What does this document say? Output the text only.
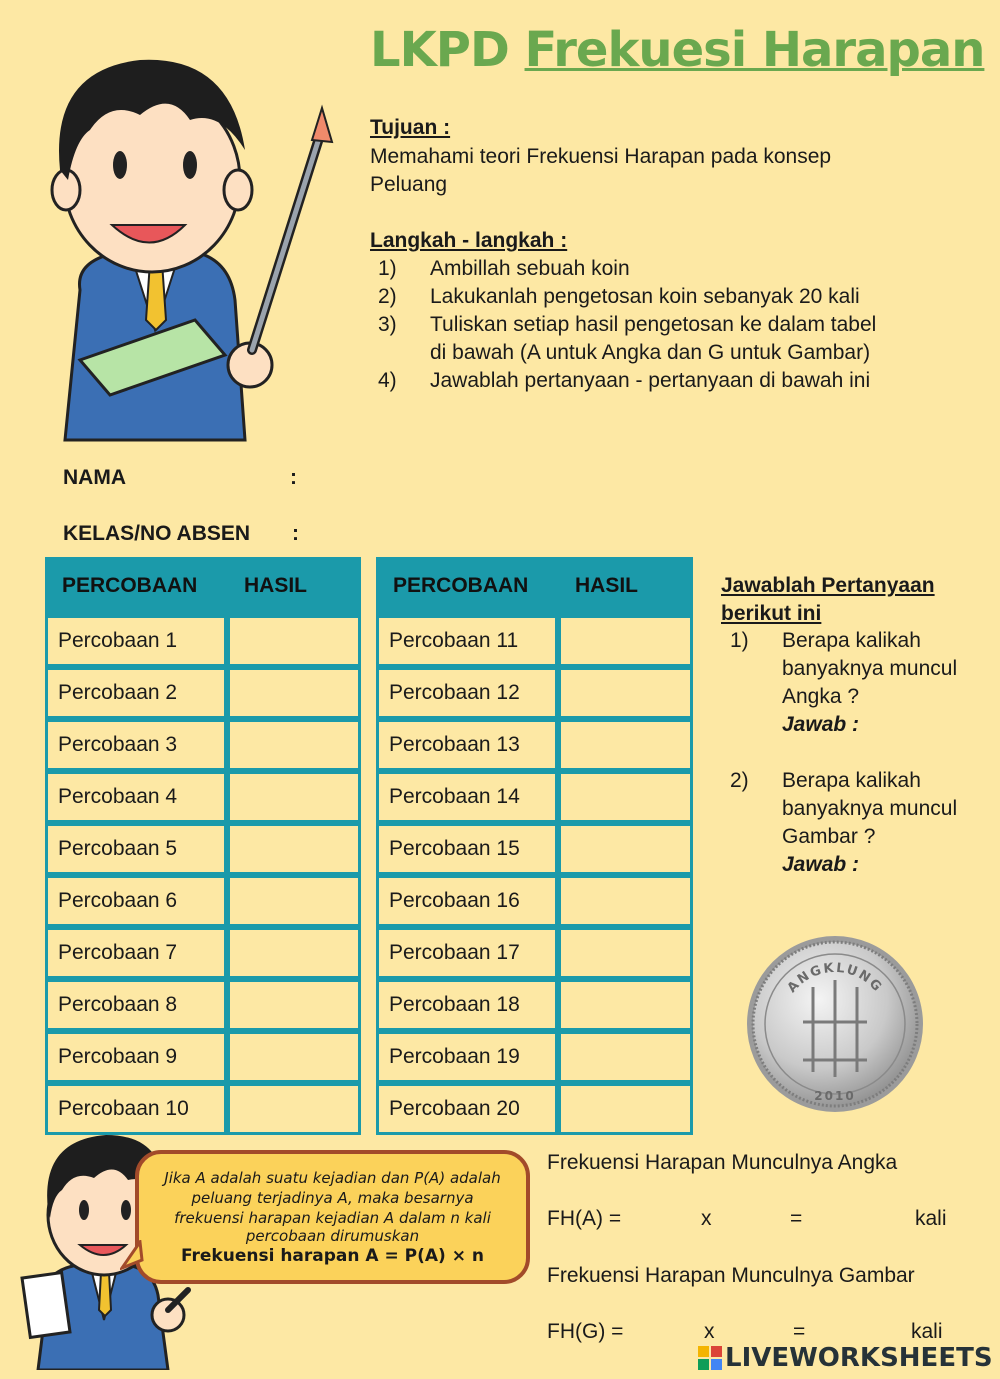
LKPD Frekuesi Harapan
Tujuan :
Memahami teori Frekuensi Harapan pada konsep
Peluang
Langkah - langkah :
1)	Ambillah sebuah koin
2)	Lakukanlah pengetosan koin sebanyak 20 kali
3)	Tuliskan setiap hasil pengetosan ke dalam tabel
di bawah (A untuk Angka dan G untuk Gambar)
4)	Jawablah pertanyaan - pertanyaan di bawah ini
NAMA	:
KELAS/NO ABSEN :
PERCOBAAN	HASIL
Percobaan 1	
Percobaan 2	
Percobaan 3	
Percobaan 4	
Percobaan 5	
Percobaan 6	
Percobaan 7	
Percobaan 8	
Percobaan 9	
Percobaan 10	
PERCOBAAN	HASIL
Percobaan 11	
Percobaan 12	
Percobaan 13	
Percobaan 14	
Percobaan 15	
Percobaan 16	
Percobaan 17	
Percobaan 18	
Percobaan 19	
Percobaan 20	
Jawablah Pertanyaan
berikut ini
1)	Berapa kalikah
banyaknya muncul
Angka ?
Jawab :
2)	Berapa kalikah
banyaknya muncul
Gambar ?
Jawab :
ANGKLUNG
2010
Jika A adalah suatu kejadian dan P(A) adalah
peluang terjadinya A, maka besarnya
frekuensi harapan kejadian A dalam n kali
percobaan dirumuskan
Frekuensi harapan A = P(A) × n
Frekuensi Harapan Munculnya Angka
FH(A) =	x	=	kali
Frekuensi Harapan Munculnya Gambar
FH(G) =	x	=	kali
LIVEWORKSHEETS
